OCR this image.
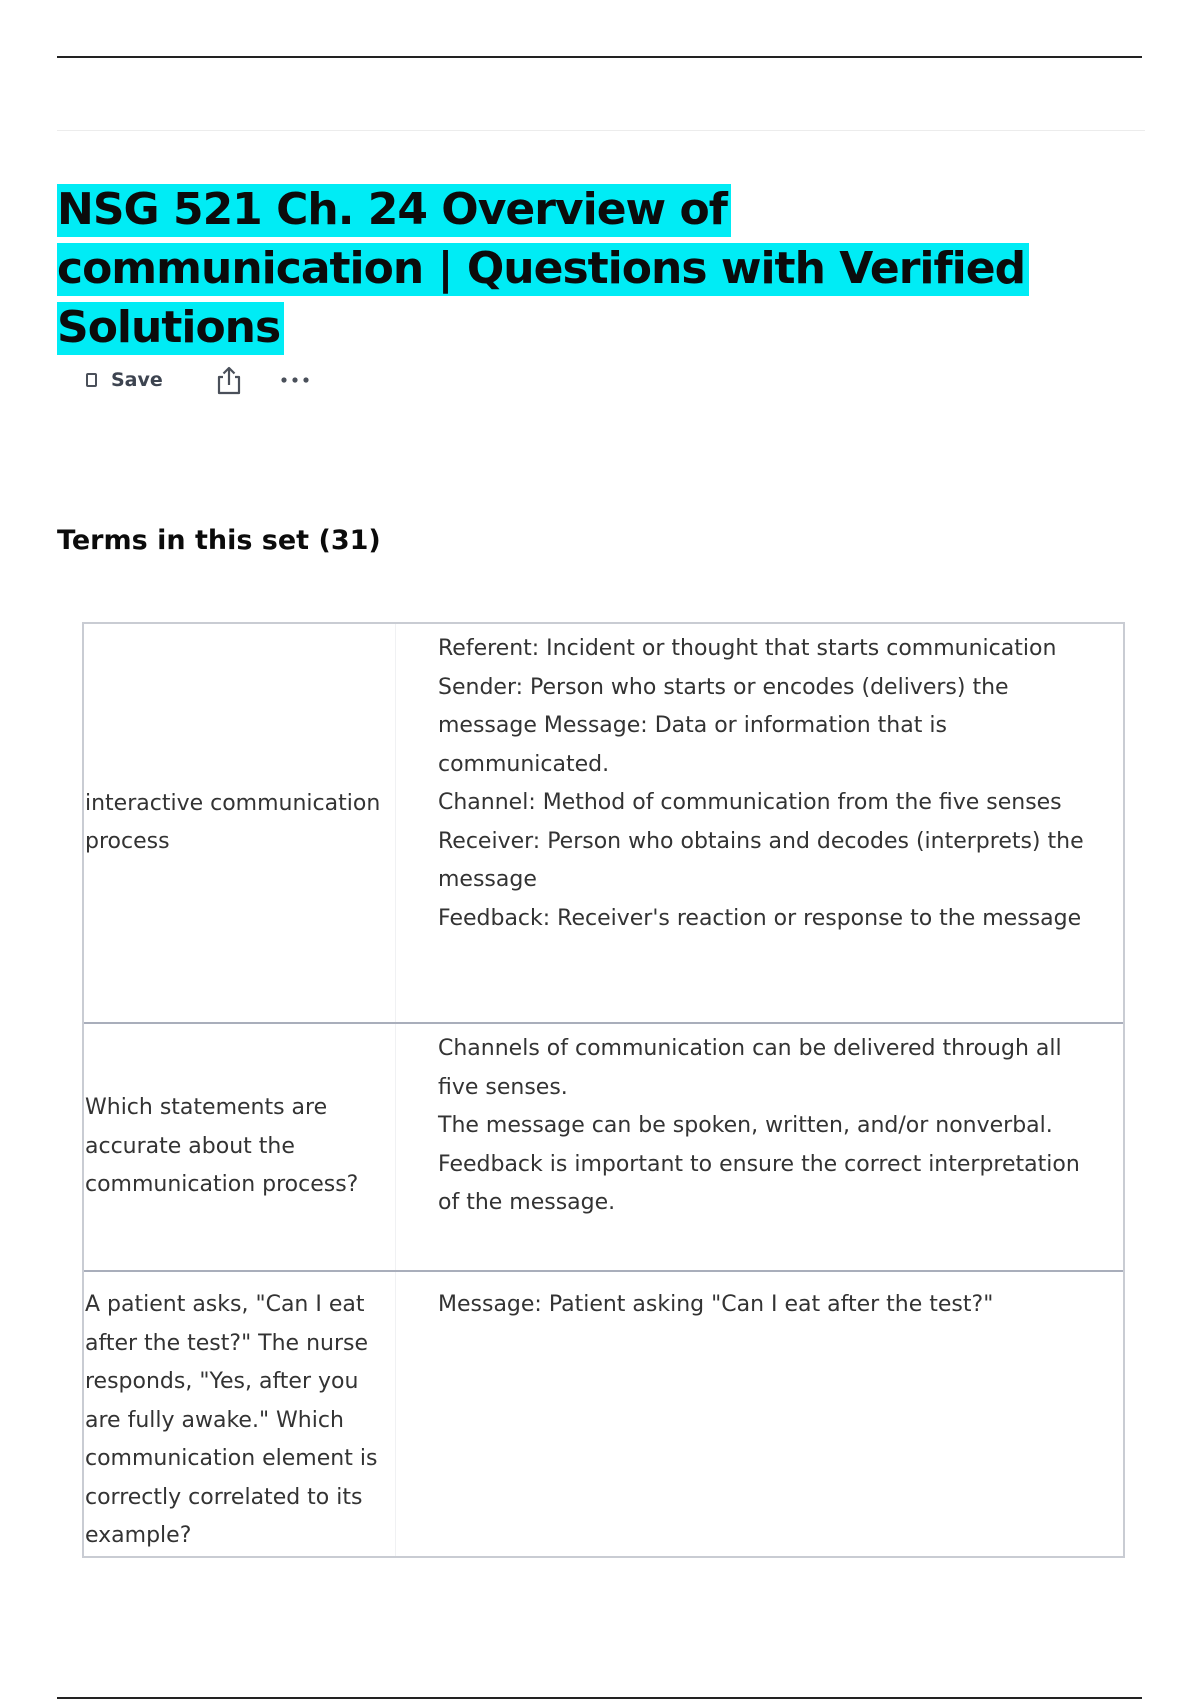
NSG 521 Ch. 24 Overview of communication | Questions with Verified Solutions
Save
Terms in this set (31)
interactive communication process

Referent: Incident or thought that starts communication

Sender: Person who starts or encodes (delivers) the message Message: Data or information that is communicated.

Channel: Method of communication from the five senses Receiver: Person who obtains and decodes (interprets) the message

Feedback: Receiver's reaction or response to the message

Which statements are accurate about the communication process?

Channels of communication can be delivered through all five senses.

The message can be spoken, written, and/or nonverbal.

Feedback is important to ensure the correct interpretation of the message.

A patient asks, "Can I eat after the test?" The nurse responds, "Yes, after you are fully awake." Which communication element is correctly correlated to its example?

Message: Patient asking "Can I eat after the test?"
